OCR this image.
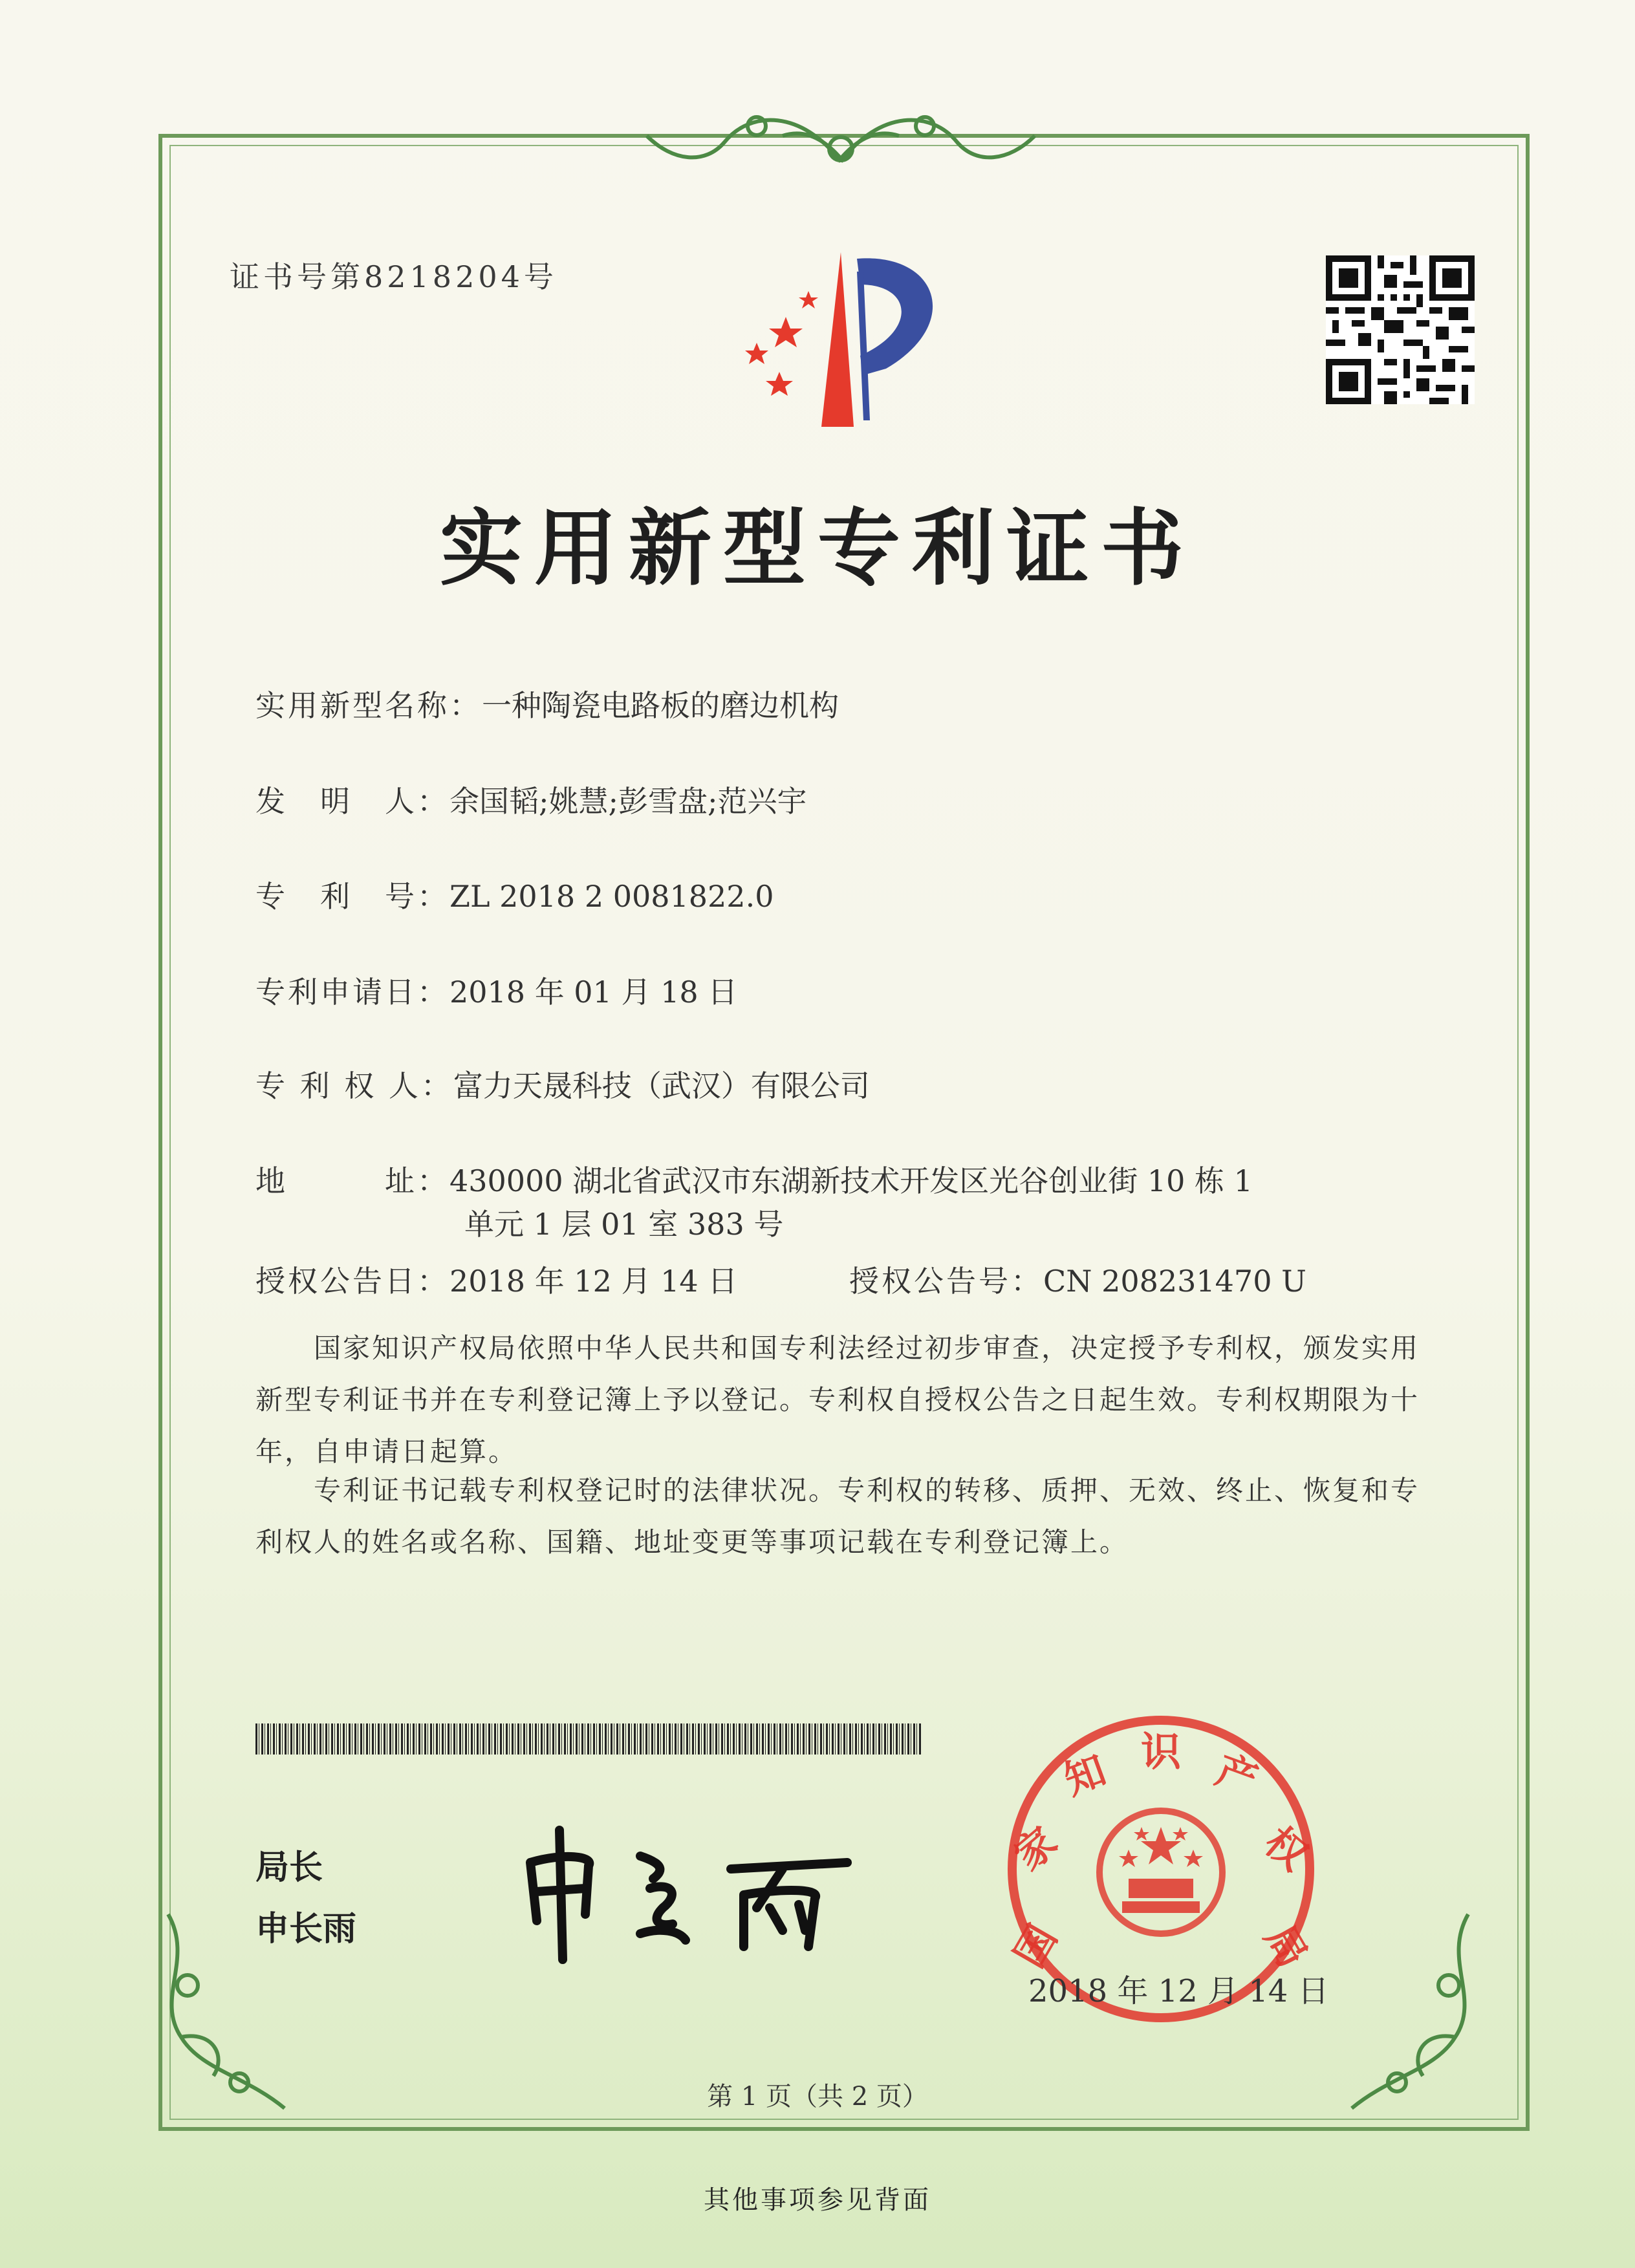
证书号第8218204号
实用新型专利证书
实用新型名称：一种陶瓷电路板的磨边机构
发　明　人：余国韬;姚慧;彭雪盘;范兴宇
专　利　号：ZL 2018 2 0081822.0
专利申请日：2018 年 01 月 18 日
专 利 权 人：富力天晟科技（武汉）有限公司
地　　　址：430000 湖北省武汉市东湖新技术开发区光谷创业街 10 栋 1
单元 1 层 01 室 383 号
授权公告日：2018 年 12 月 14 日	授权公告号：CN 208231470 U
国家知识产权局依照中华人民共和国专利法经过初步审查，决定授予专利权，颁发实用
新型专利证书并在专利登记簿上予以登记。专利权自授权公告之日起生效。专利权期限为十
年，自申请日起算。
专利证书记载专利权登记时的法律状况。专利权的转移、质押、无效、终止、恢复和专
利权人的姓名或名称、国籍、地址变更等事项记载在专利登记簿上。
局长
申长雨	国
家
知 识 产
权
局
2018 年 12 月 14 日
第 1 页（共 2 页）
其他事项参见背面
